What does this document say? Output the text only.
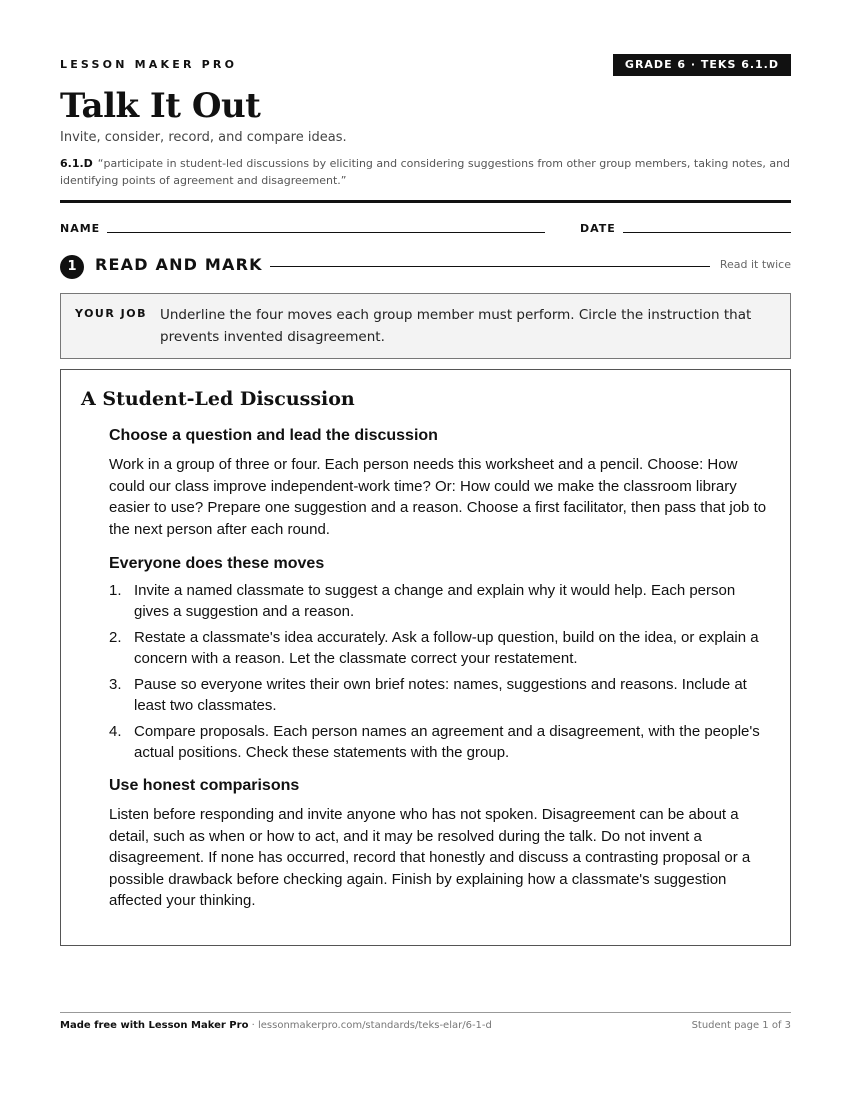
LESSON MAKER PRO	GRADE 6 · TEKS 6.1.D
Talk It Out
Invite, consider, record, and compare ideas.
6.1.D “participate in student-led discussions by eliciting and considering suggestions from other group members, taking notes, and identifying points of agreement and disagreement.”
NAME	DATE
1	READ AND MARK	Read it twice
YOUR JOB Underline the four moves each group member must perform. Circle the instruction that prevents invented disagreement.
A Student-Led Discussion

Choose a question and lead the discussion

Work in a group of three or four. Each person needs this worksheet and a pencil. Choose: How could our class improve independent-work time? Or: How could we make the classroom library easier to use? Prepare one suggestion and a reason. Choose a first facilitator, then pass that job to the next person after each round.

Everyone does these moves

1. Invite a named classmate to suggest a change and explain why it would help. Each person gives a suggestion and a reason.
2. Restate a classmate's idea accurately. Ask a follow-up question, build on the idea, or explain a concern with a reason. Let the classmate correct your restatement.
3. Pause so everyone writes their own brief notes: names, suggestions and reasons. Include at least two classmates.
4. Compare proposals. Each person names an agreement and a disagreement, with the people's actual positions. Check these statements with the group.

Use honest comparisons

Listen before responding and invite anyone who has not spoken. Disagreement can be about a detail, such as when or how to act, and it may be resolved during the talk. Do not invent a disagreement. If none has occurred, record that honestly and discuss a contrasting proposal or a possible drawback before checking again. Finish by explaining how a classmate's suggestion affected your thinking.

Made free with Lesson Maker Pro · lessonmakerpro.com/standards/teks-elar/6-1-d	Student page 1 of 3
